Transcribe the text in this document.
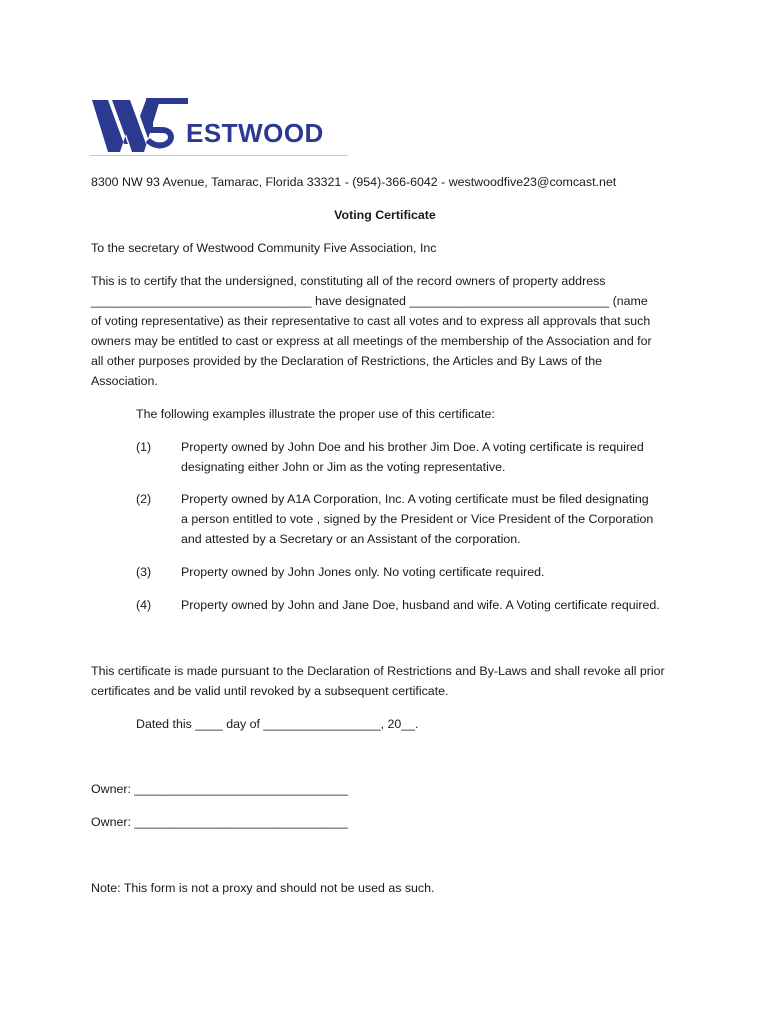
ESTWOOD
8300 NW 93 Avenue, Tamarac, Florida 33321 - (954)-366-6042 - westwoodfive23@comcast.net
Voting Certificate
To the secretary of Westwood Community Five Association, Inc
This is to certify that the undersigned, constituting all of the record owners of property address
________________________________ have designated _____________________________ (name
of voting representative) as their representative to cast all votes and to express all approvals that such
owners may be entitled to cast or express at all meetings of the membership of the Association and for
all other purposes provided by the Declaration of Restrictions, the Articles and By Laws of the
Association.
The following examples illustrate the proper use of this certificate:
(1) Property owned by John Doe and his brother Jim Doe. A voting certificate is required
designating either John or Jim as the voting representative.
(2) Property owned by A1A Corporation, Inc. A voting certificate must be filed designating
a person entitled to vote , signed by the President or Vice President of the Corporation
and attested by a Secretary or an Assistant of the corporation.
(3) Property owned by John Jones only. No voting certificate required.
(4) Property owned by John and Jane Doe, husband and wife. A Voting certificate required.
This certificate is made pursuant to the Declaration of Restrictions and By-Laws and shall revoke all prior
certificates and be valid until revoked by a subsequent certificate.
Dated this ____ day of _________________, 20__.
Owner: _______________________________
Owner: _______________________________
Note: This form is not a proxy and should not be used as such.
